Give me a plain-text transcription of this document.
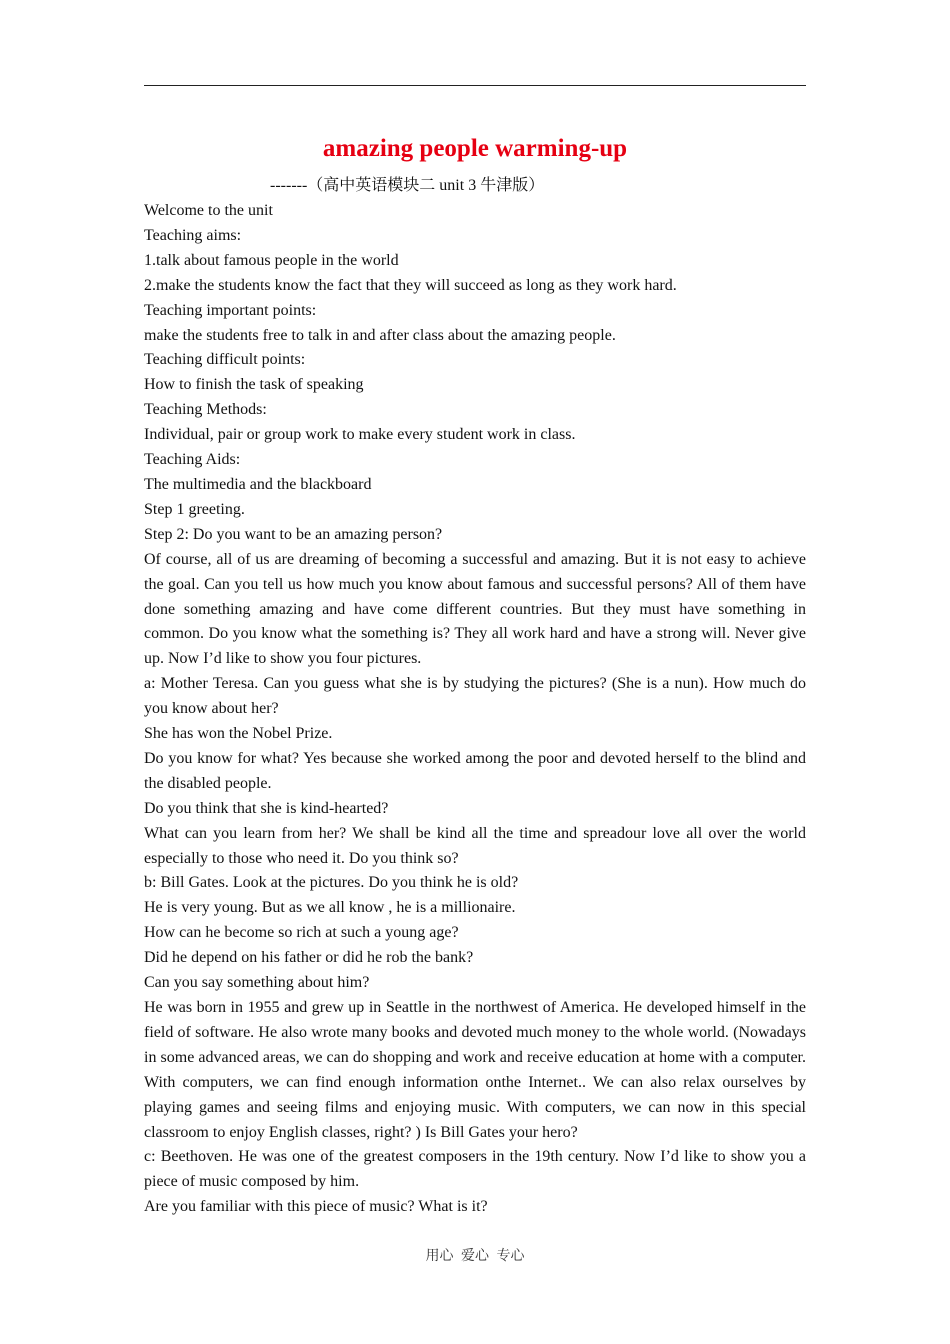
amazing people warming-up
-------（高中英语模块二 unit 3 牛津版）
Welcome to the unit
Teaching aims:
1.talk about famous people in the world
2.make the students know the fact that they will succeed as long as they work hard.
Teaching important points:
make the students free to talk in and after class about the amazing people.
Teaching difficult points:
How to finish the task of speaking
Teaching Methods:
Individual, pair or group work to make every student work in class.
Teaching Aids:
The multimedia and the blackboard
Step 1 greeting.
Step 2: Do you want to be an amazing person?
Of course, all of us are dreaming of becoming a successful and amazing. But it is not easy to achieve the goal. Can you tell us how much you know about famous and successful persons? All of them have done something amazing and have come different countries. But they must have something in common. Do you know what the something is? They all work hard and have a strong will. Never give up. Now I’d like to show you four pictures.
a: Mother Teresa. Can you guess what she is by studying the pictures? (She is a nun). How much do you know about her?
She has won the Nobel Prize.
Do you know for what? Yes because she worked among the poor and devoted herself to the blind and the disabled people.
Do you think that she is kind-hearted?
What can you learn from her? We shall be kind all the time and spreadour love all over the world especially to those who need it. Do you think so?
b: Bill Gates. Look at the pictures. Do you think he is old?
He is very young. But as we all know , he is a millionaire.
How can he become so rich at such a young age?
Did he depend on his father or did he rob the bank?
Can you say something about him?
He was born in 1955 and grew up in Seattle in the northwest of America. He developed himself in the field of software. He also wrote many books and devoted much money to the whole world. (Nowadays in some advanced areas, we can do shopping and work and receive education at home with a computer. With computers, we can find enough information onthe Internet.. We can also relax ourselves by playing games and seeing films and enjoying music. With computers, we can now in this special classroom to enjoy English classes, right? ) Is Bill Gates your hero?
c: Beethoven. He was one of the greatest composers in the 19th century. Now I’d like to show you a piece of music composed by him.
Are you familiar with this piece of music? What is it?
用心 爱心 专心
